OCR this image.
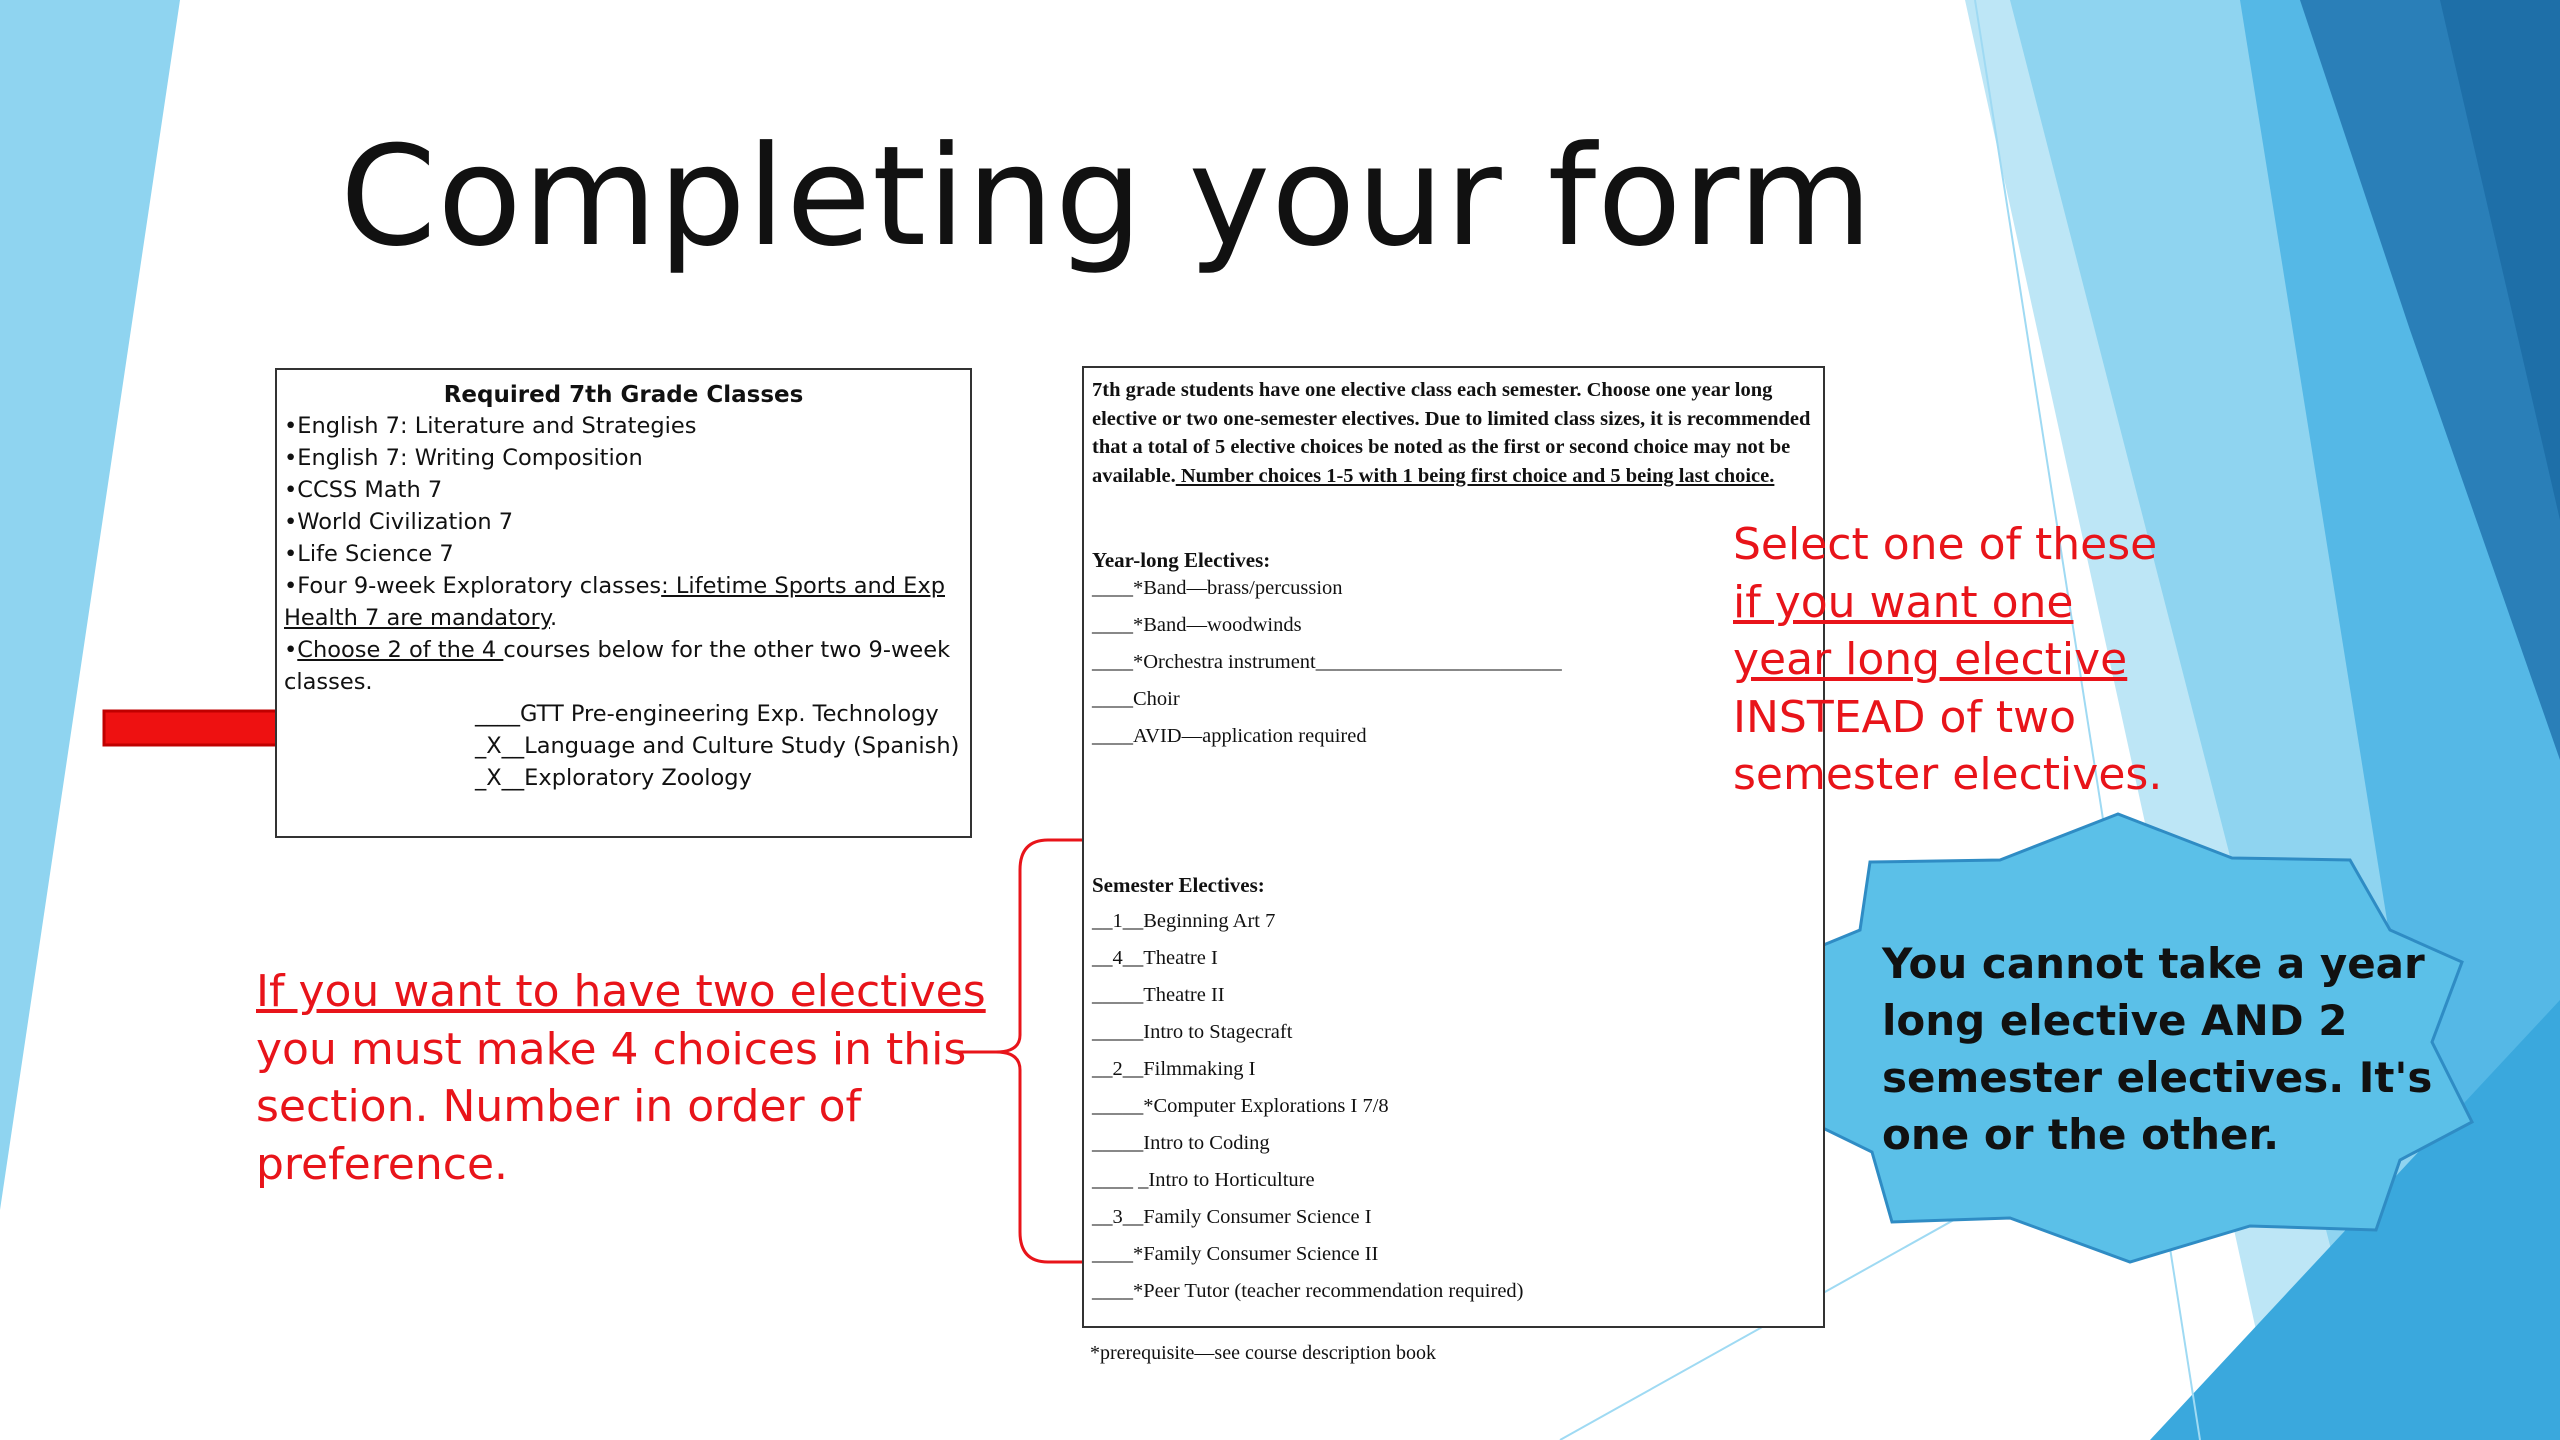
Completing your form
Required 7th Grade Classes
•English 7: Literature and Strategies
•English 7: Writing Composition
•CCSS Math 7
•World Civilization 7
•Life Science 7
•Four 9-week Exploratory classes: Lifetime Sports and Exp Health 7 are mandatory.
•Choose 2 of the 4 courses below for the other two 9-week classes.
____GTT Pre-engineering Exp. Technology
_X__Language and Culture Study (Spanish)
_X__Exploratory Zoology
7th grade students have one elective class each semester. Choose one year long elective or two one-semester electives. Due to limited class sizes, it is recommended that a total of 5 elective choices be noted as the first or second choice may not be available. Number choices 1-5 with 1 being first choice and 5 being last choice.
Year-long Electives:
____*Band—brass/percussion
____*Band—woodwinds
____*Orchestra instrument________________________
____Choir
____AVID—application required
Semester Electives:
__1__Beginning Art 7
__4__Theatre I
_____Theatre II
_____Intro to Stagecraft
__2__Filmmaking I
_____*Computer Explorations I 7/8
_____Intro to Coding
____ _Intro to Horticulture
__3__Family Consumer Science I
____*Family Consumer Science II
____*Peer Tutor (teacher recommendation required)
*prerequisite—see course description book
Select one of these
if you want one
year long elective
INSTEAD of two
semester electives.
If you want to have two electives
you must make 4 choices in this
section. Number in order of
preference.
You cannot take a year
long elective AND 2
semester electives. It's
one or the other.
